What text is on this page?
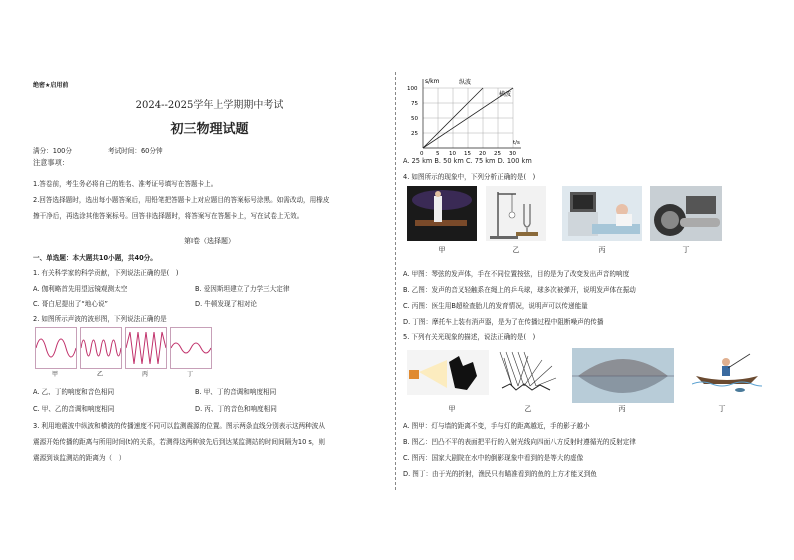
绝密★启用前
2024--2025学年上学期期中考试
初三物理试题
满分：100分	考试时间：60分钟
注意事项：
1.答卷前，考生务必将自己的姓名、准考证号填写在答题卡上。
2.回答选择题时，选出每小题答案后，用铅笔把答题卡上对应题目的答案标号涂黑。如需改动，用橡皮
擦干净后，再选涂其他答案标号。回答非选择题时，将答案写在答题卡上，写在试卷上无效。
第Ⅰ卷（选择题）
一、单选题：本大题共10小题，共40分。
1. 有关科学家的科学贡献，下列说法正确的是(　)
A. 伽利略首先用望远镜观测太空	B. 爱因斯坦建立了力学三大定律
C. 哥白尼提出了“地心说”	D. 牛顿发现了相对论
2. 如图所示声波的波形图，下列说法正确的是
甲	乙	丙	丁
A. 乙、丁的响度和音色相同	B. 甲、丁的音调和响度相同
C. 甲、乙的音调和响度相同	D. 丙、丁的音色和响度相同
3. 利用地震波中纵波和横波的传播速度不同可以监测震源的位置。图示两条直线分别表示这两种波从
震源开始传播的距离与所用时间(t)的关系，若测得这两种波先后到达某监测站的时间间隔为10 s，则
震源到该监测站的距离为（　）
s/km
t/s
纵波
横波
100
75
50
25
0 5 10 15 20 25 30
A. 25 km B. 50 km C. 75 km D. 100 km
4. 如图所示的现象中，下列分析正确的是(　)
甲	乙	丙	丁
A. 甲图：琴弦的发声体，手在不同位置按弦，目的是为了改变发出声音的响度
B. 乙图：发声的音叉轻触系在绳上的乒乓球，球多次被弹开，说明发声体在振动
C. 丙图：医生用B超检查胎儿的发育情况，说明声可以传递能量
D. 丁图：摩托车上装有消声器，是为了在传播过程中阻断噪声的传播
5. 下列有关光现象的描述，说法正确的是(　)
甲	乙	丙	丁
A. 图甲：灯与墙的距离不变，手与灯的距离越近，手的影子越小
B. 图乙：凹凸不平的表面把平行的入射光线向四面八方反射时遵循光的反射定律
C. 图丙：国家大剧院在水中的倒影现象中看到的是等大的虚像
D. 图丁：由于光的折射，渔民只有瞄准看到的鱼的上方才能叉到鱼
